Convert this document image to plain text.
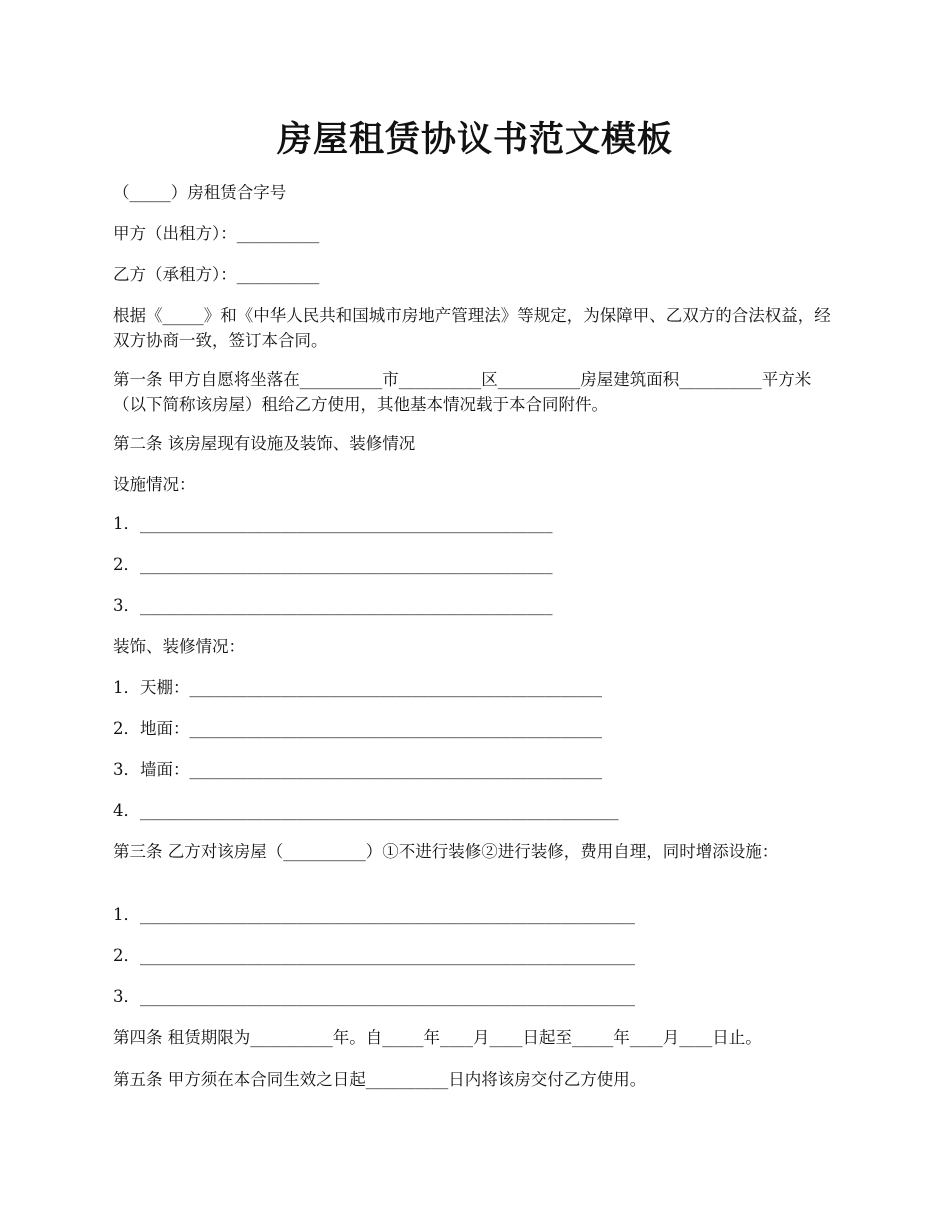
房屋租赁协议书范文模板

（_____）房租赁合字号

甲方（出租方）：__________

乙方（承租方）：__________

根据《_____》和《中华人民共和国城市房地产管理法》等规定，为保障甲、乙双方的合法权益，经双方协商一致，签订本合同。

第一条 甲方自愿将坐落在__________市__________区__________房屋建筑面积__________平方米（以下简称该房屋）租给乙方使用，其他基本情况载于本合同附件。

第二条 该房屋现有设施及装饰、装修情况

设施情况：

1．__________________________________________________

2．__________________________________________________

3．__________________________________________________

装饰、装修情况：

1．天棚：__________________________________________________

2．地面：__________________________________________________

3．墙面：__________________________________________________

4．__________________________________________________________

第三条 乙方对该房屋（__________）①不进行装修②进行装修，费用自理，同时增添设施：

1．____________________________________________________________

2．____________________________________________________________

3．____________________________________________________________

第四条 租赁期限为__________年。自_____年____月____日起至_____年____月____日止。

第五条 甲方须在本合同生效之日起__________日内将该房交付乙方使用。
